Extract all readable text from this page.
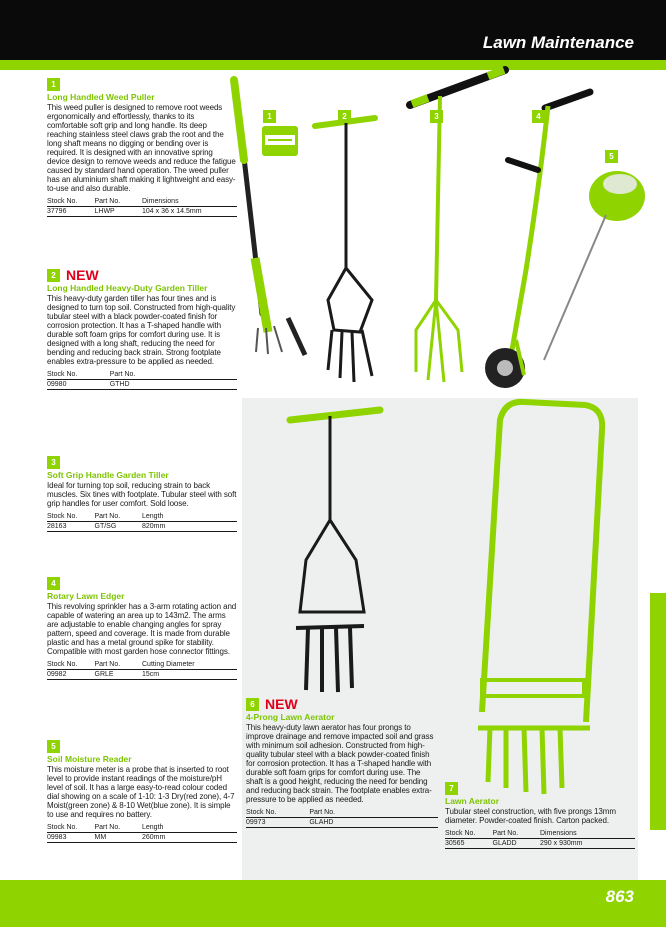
Lawn Maintenance
1	2	3	4
5
1
Long Handled Weed Puller

This weed puller is designed to remove root weeds ergonomically and effortlessly, thanks to its comfortable soft grip and long handle. Its deep reaching stainless steel claws grab the root and the long shaft means no digging or bending over is required. It is designed with an innovative spring device design to remove weeds and reduce the fatigue caused by standard hand operation. The weed puller has an aluminium shaft making it lightweight and easy-to-use and also durable.

Stock No.	Part No.	Dimensions
37796	LHWP	104 x 36 x 14.5mm
2 NEW
Long Handled Heavy-Duty Garden Tiller

This heavy-duty garden tiller has four tines and is designed to turn top soil. Constructed from high-quality tubular steel with a black powder-coated finish for corrosion protection. It has a T-shaped handle with durable soft foam grips for comfort during use. It is designed with a long shaft, reducing the need for bending and reducing back strain. Strong footplate enables extra-pressure to be applied as needed.

Stock No.	Part No.
09980	GTHD
3
Soft Grip Handle Garden Tiller

Ideal for turning top soil, reducing strain to back muscles. Six tines with footplate. Tubular steel with soft grip handles for user comfort. Sold loose.

Stock No.	Part No.	Length
28163	GT/SG	820mm
4
Rotary Lawn Edger

This revolving sprinkler has a 3-arm rotating action and capable of watering an area up to 143m2. The arms are adjustable to enable changing angles for spray pattern, speed and coverage. It is made from durable plastic and has a metal ground spike for stability. Compatible with most garden hose connector fittings.

Stock No.	Part No.	Cutting Diameter
09982	GRLE	15cm
5
Soil Moisture Reader

This moisture meter is a probe that is inserted to root level to provide instant readings of the moisture/pH level of soil. It has a large easy-to-read colour coded dial showing on a scale of 1-10: 1-3 Dry(red zone), 4-7 Moist(green zone) & 8-10 Wet(blue zone). It is simple to use and requires no battery.

Stock No.	Part No.	Length
09983	MM	260mm
6 NEW
4-Prong Lawn Aerator

This heavy-duty lawn aerator has four prongs to improve drainage and remove impacted soil and grass with minimum soil adhesion. Constructed from high-quality tubular steel with a black powder-coated finish for corrosion protection. It has a T-shaped handle with durable soft foam grips for comfort during use. The shaft is a good height, reducing the need for bending and reducing back strain. The footplate enables extra-pressure to be applied as needed.

Stock No.	Part No.
09973	GLAHD
7
Lawn Aerator

Tubular steel construction, with five prongs 13mm diameter. Powder-coated finish. Carton packed.

Stock No.	Part No.	Dimensions
30565	GLADD	290 x 930mm
863
